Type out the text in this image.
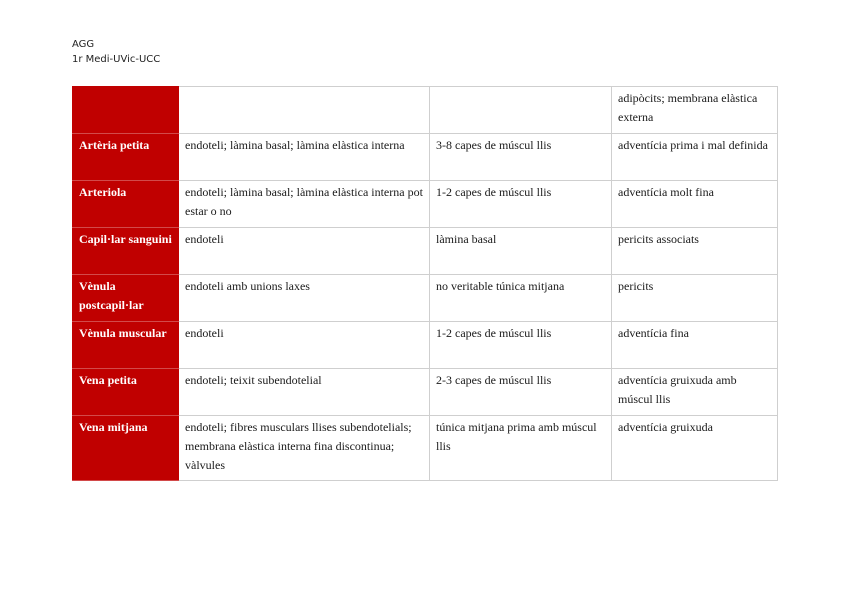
AGG
1r Medi-UVic-UCC
			adipòcits; membrana elàstica externa
Artèria petita	endoteli; làmina basal; làmina elàstica interna	3-8 capes de múscul llis	adventícia prima i mal definida
Arteriola	endoteli; làmina basal; làmina elàstica interna pot estar o no	1-2 capes de múscul llis	adventícia molt fina
Capil·lar sanguini	endoteli	làmina basal	pericits associats
Vènula postcapil·lar	endoteli amb unions laxes	no veritable túnica mitjana	pericits
Vènula muscular	endoteli	1-2 capes de múscul llis	adventícia fina
Vena petita	endoteli; teixit subendotelial	2-3 capes de múscul llis	adventícia gruixuda amb múscul llis
Vena mitjana	endoteli; fibres musculars llises subendotelials; membrana elàstica interna fina discontinua; vàlvules	túnica mitjana prima amb múscul llis	adventícia gruixuda
